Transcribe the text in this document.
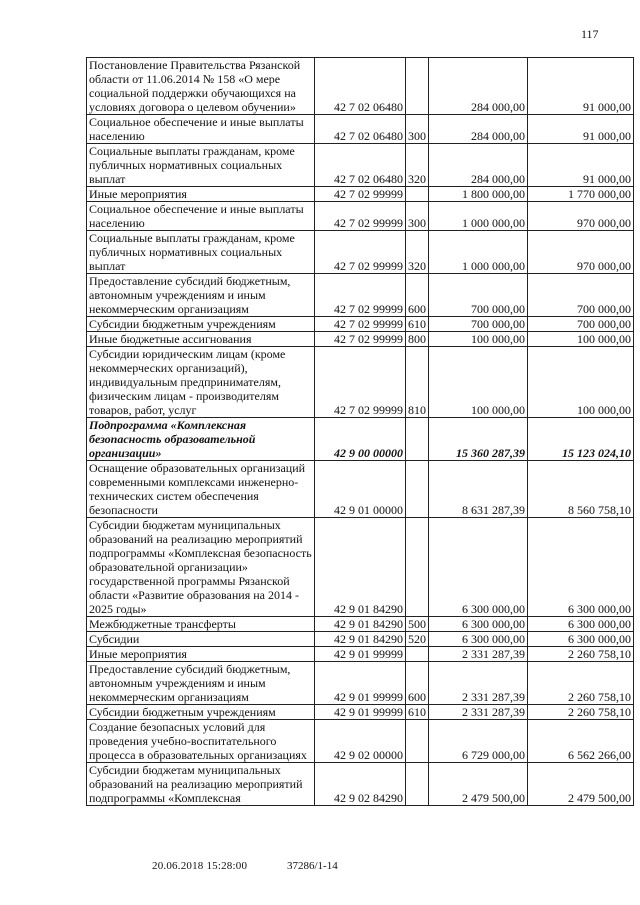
117
Постановление Правительства Рязанской области от 11.06.2014 № 158 «О мере социальной поддержки обучающихся на условиях договора о целевом обучении»	42 7 02 06480		284 000,00	91 000,00
Социальное обеспечение и иные выплаты населению	42 7 02 06480	300	284 000,00	91 000,00
Социальные выплаты гражданам, кроме публичных нормативных социальных выплат	42 7 02 06480	320	284 000,00	91 000,00
Иные мероприятия	42 7 02 99999		1 800 000,00	1 770 000,00
Социальное обеспечение и иные выплаты населению	42 7 02 99999	300	1 000 000,00	970 000,00
Социальные выплаты гражданам, кроме публичных нормативных социальных выплат	42 7 02 99999	320	1 000 000,00	970 000,00
Предоставление субсидий бюджетным, автономным учреждениям и иным некоммерческим организациям	42 7 02 99999	600	700 000,00	700 000,00
Субсидии бюджетным учреждениям	42 7 02 99999	610	700 000,00	700 000,00
Иные бюджетные ассигнования	42 7 02 99999	800	100 000,00	100 000,00
Субсидии юридическим лицам (кроме некоммерческих организаций), индивидуальным предпринимателям, физическим лицам - производителям товаров, работ, услуг	42 7 02 99999	810	100 000,00	100 000,00
Подпрограмма «Комплексная безопасность образовательной организации»	42 9 00 00000		15 360 287,39	15 123 024,10
Оснащение образовательных организаций современными комплексами инженерно-технических систем обеспечения безопасности	42 9 01 00000		8 631 287,39	8 560 758,10
Субсидии бюджетам муниципальных образований на реализацию мероприятий подпрограммы «Комплексная безопасность образовательной организации» государственной программы Рязанской области «Развитие образования на 2014 - 2025 годы»	42 9 01 84290		6 300 000,00	6 300 000,00
Межбюджетные трансферты	42 9 01 84290	500	6 300 000,00	6 300 000,00
Субсидии	42 9 01 84290	520	6 300 000,00	6 300 000,00
Иные мероприятия	42 9 01 99999		2 331 287,39	2 260 758,10
Предоставление субсидий бюджетным, автономным учреждениям и иным некоммерческим организациям	42 9 01 99999	600	2 331 287,39	2 260 758,10
Субсидии бюджетным учреждениям	42 9 01 99999	610	2 331 287,39	2 260 758,10
Создание безопасных условий для проведения учебно-воспитательного процесса в образовательных организациях	42 9 02 00000		6 729 000,00	6 562 266,00
Субсидии бюджетам муниципальных образований на реализацию мероприятий подпрограммы «Комплексная	42 9 02 84290		2 479 500,00	2 479 500,00
20.06.2018 15:28:00	37286/1-14
